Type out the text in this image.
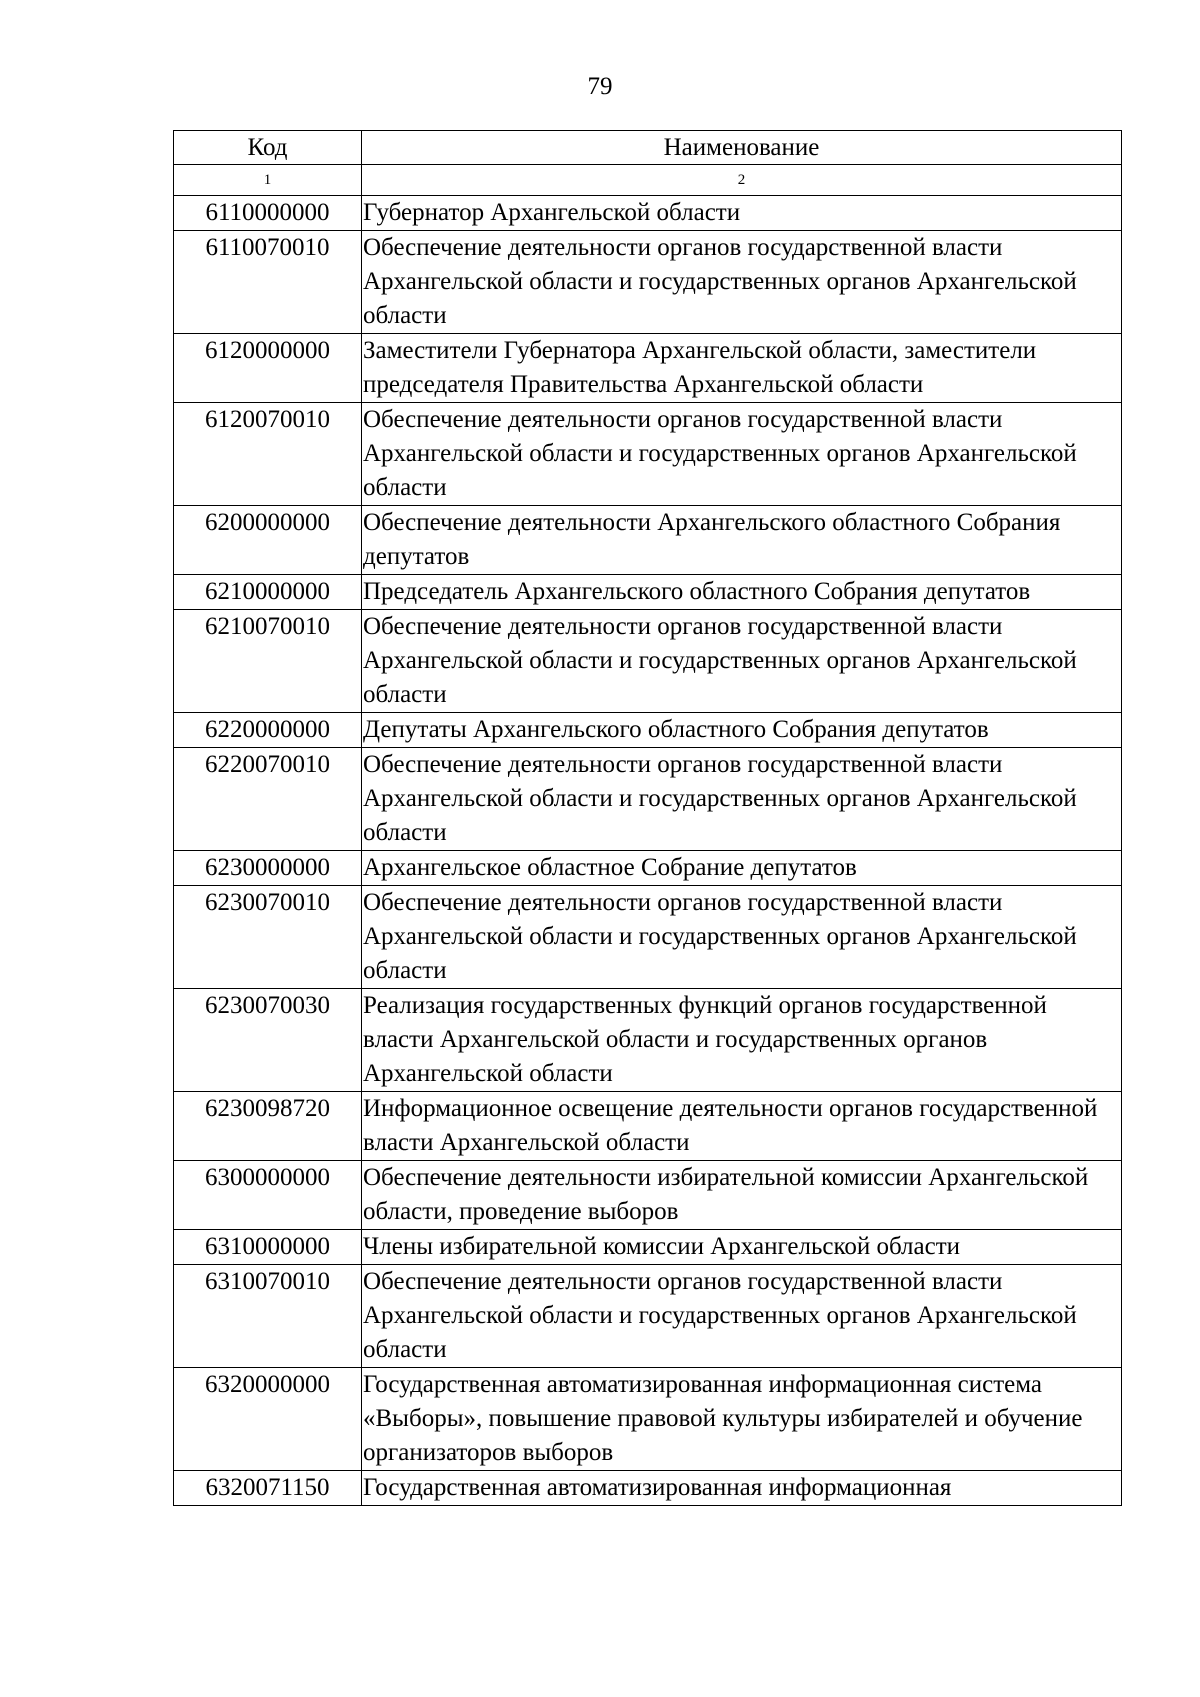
79
Код	Наименование
1	2
6110000000	Губернатор Архангельской области
6110070010	Обеспечение деятельности органов государственной власти Архангельской области и государственных органов Архангельской области
6120000000	Заместители Губернатора Архангельской области, заместители председателя Правительства Архангельской области
6120070010	Обеспечение деятельности органов государственной власти Архангельской области и государственных органов Архангельской области
6200000000	Обеспечение деятельности Архангельского областного Собрания депутатов
6210000000	Председатель Архангельского областного Собрания депутатов
6210070010	Обеспечение деятельности органов государственной власти Архангельской области и государственных органов Архангельской области
6220000000	Депутаты Архангельского областного Собрания депутатов
6220070010	Обеспечение деятельности органов государственной власти Архангельской области и государственных органов Архангельской области
6230000000	Архангельское областное Собрание депутатов
6230070010	Обеспечение деятельности органов государственной власти Архангельской области и государственных органов Архангельской области
6230070030	Реализация государственных функций органов государственной власти Архангельской области и государственных органов Архангельской области
6230098720	Информационное освещение деятельности органов государственной власти Архангельской области
6300000000	Обеспечение деятельности избирательной комиссии Архангельской области, проведение выборов
6310000000	Члены избирательной комиссии Архангельской области
6310070010	Обеспечение деятельности органов государственной власти Архангельской области и государственных органов Архангельской области
6320000000	Государственная автоматизированная информационная система «Выборы», повышение правовой культуры избирателей и обучение организаторов выборов
6320071150	Государственная автоматизированная информационная
